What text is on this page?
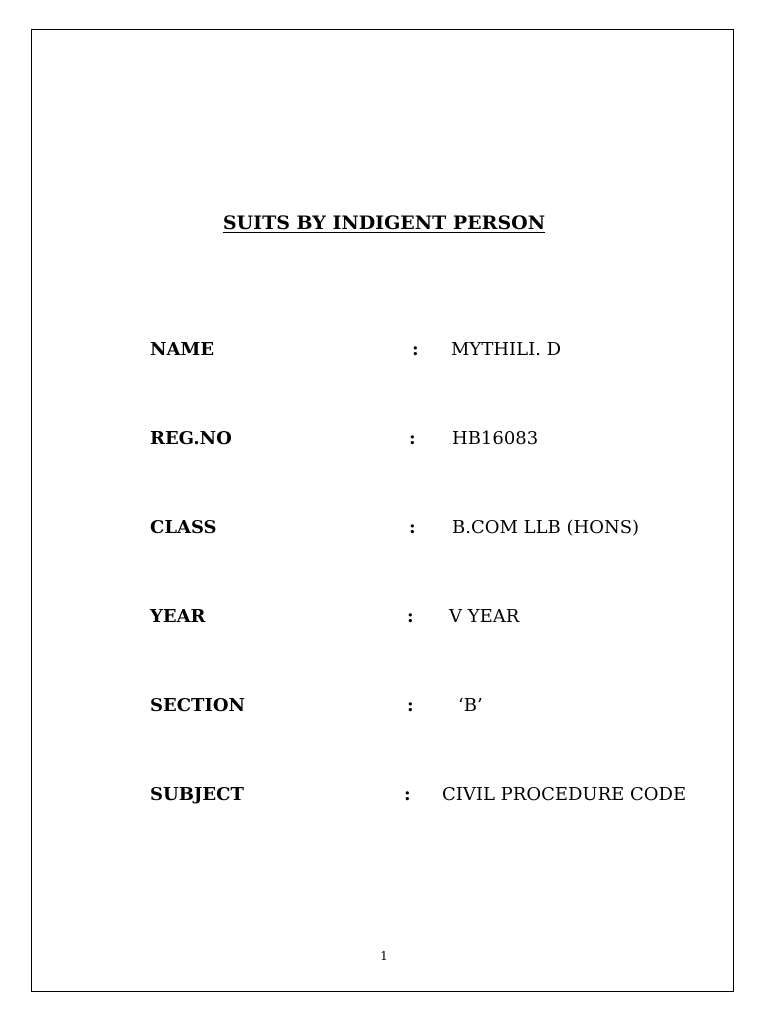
SUITS BY INDIGENT PERSON
NAME	: MYTHILI. D
REG.NO	: HB16083
CLASS	: B.COM LLB (HONS)
YEAR	: V YEAR
SECTION	: ‘B’
SUBJECT	: CIVIL PROCEDURE CODE
1
